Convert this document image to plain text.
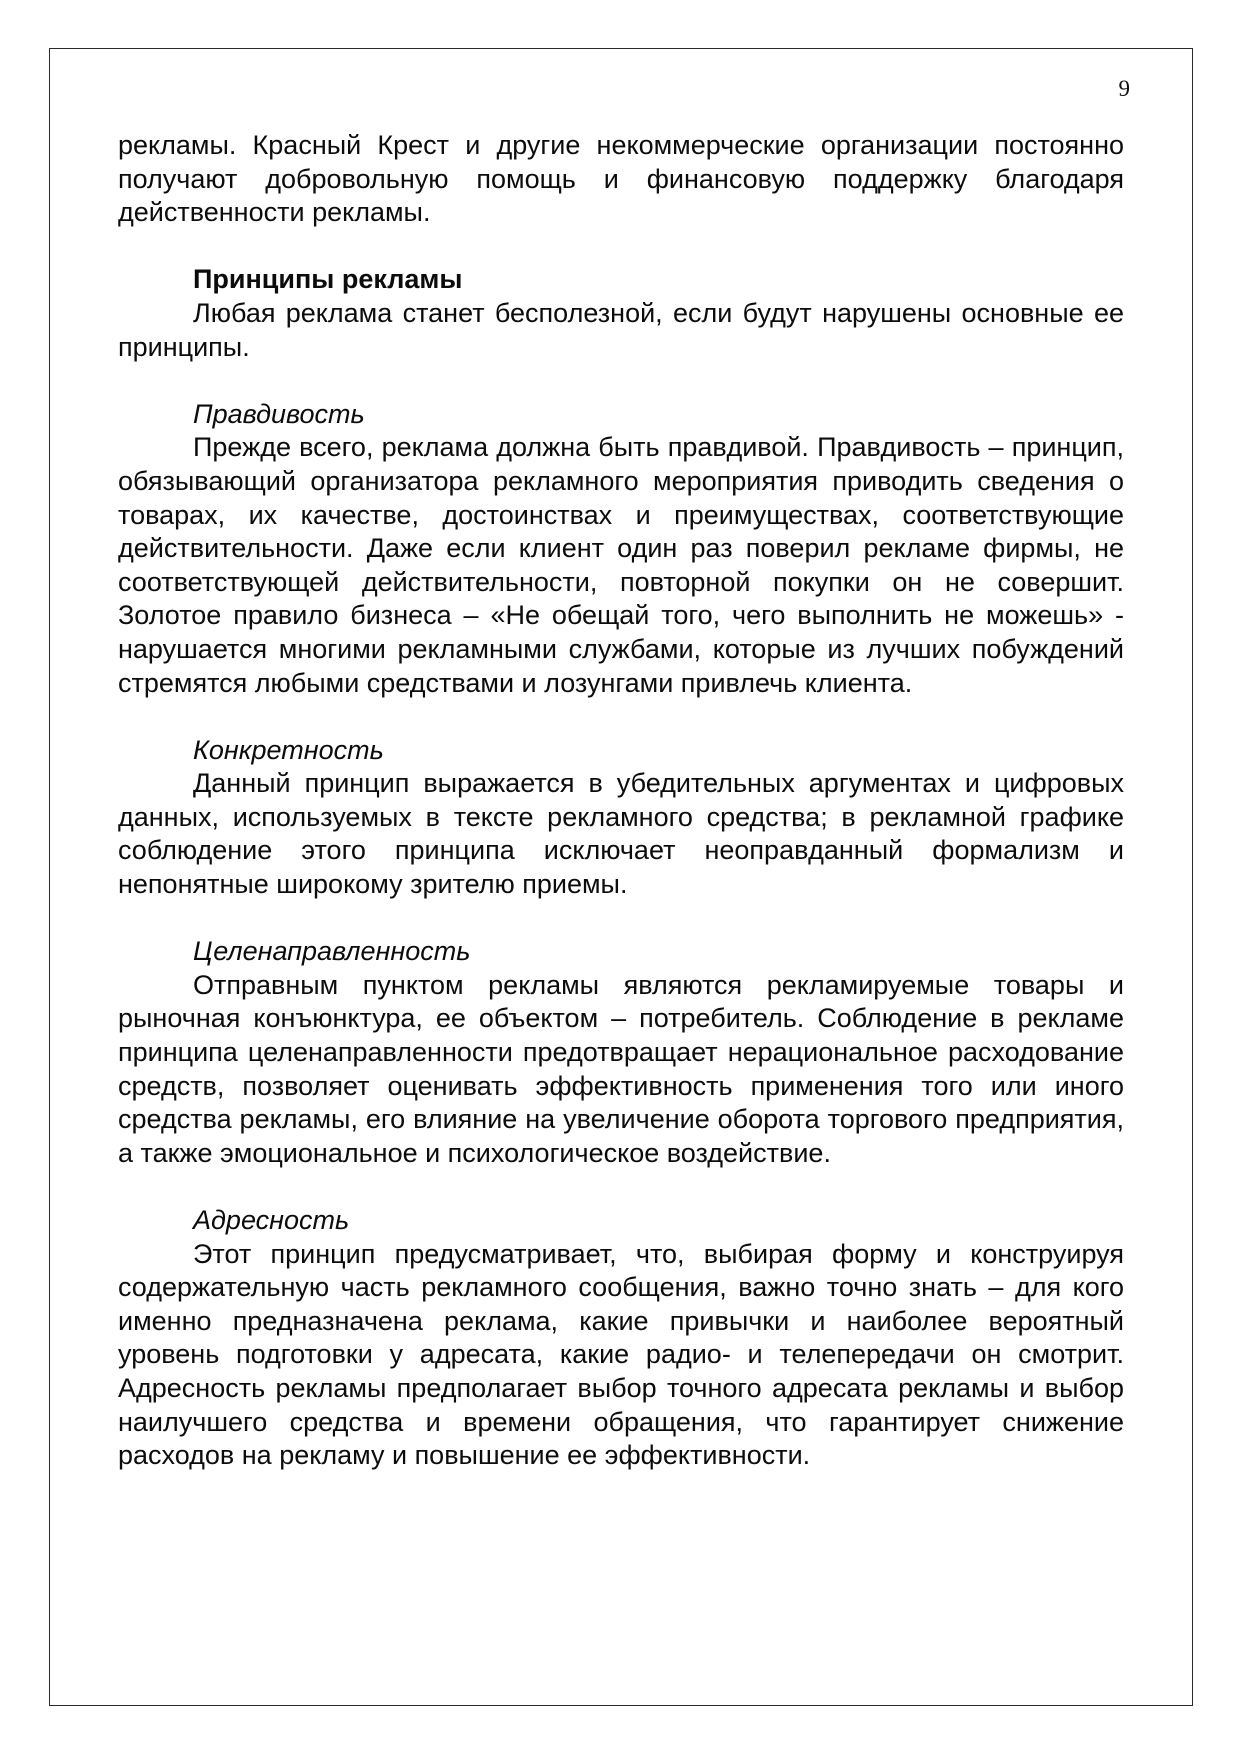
9

рекламы. Красный Крест и другие некоммерческие организации постоянно получают добровольную помощь и финансовую поддержку благодаря действенности рекламы.

Принципы рекламы

Любая реклама станет бесполезной, если будут нарушены основные ее принципы.

Правдивость

Прежде всего, реклама должна быть правдивой. Правдивость – принцип, обязывающий организатора рекламного мероприятия приводить сведения о товарах, их качестве, достоинствах и преимуществах, соответствующие действительности. Даже если клиент один раз поверил рекламе фирмы, не соответствующей действительности, повторной покупки он не совершит. Золотое правило бизнеса – «Не обещай того, чего выполнить не можешь» - нарушается многими рекламными службами, которые из лучших побуждений стремятся любыми средствами и лозунгами привлечь клиента.

Конкретность

Данный принцип выражается в убедительных аргументах и цифровых данных, используемых в тексте рекламного средства; в рекламной графике соблюдение этого принципа исключает неоправданный формализм и непонятные широкому зрителю приемы.

Целенаправленность

Отправным пунктом рекламы являются рекламируемые товары и рыночная конъюнктура, ее объектом – потребитель. Соблюдение в рекламе принципа целенаправленности предотвращает нерациональное расходование средств, позволяет оценивать эффективность применения того или иного средства рекламы, его влияние на увеличение оборота торгового предприятия, а также эмоциональное и психологическое воздействие.

Адресность

Этот принцип предусматривает, что, выбирая форму и конструируя содержательную часть рекламного сообщения, важно точно знать – для кого именно предназначена реклама, какие привычки и наиболее вероятный уровень подготовки у адресата, какие радио- и телепередачи он смотрит. Адресность рекламы предполагает выбор точного адресата рекламы и выбор наилучшего средства и времени обращения, что гарантирует снижение расходов на рекламу и повышение ее эффективности.
